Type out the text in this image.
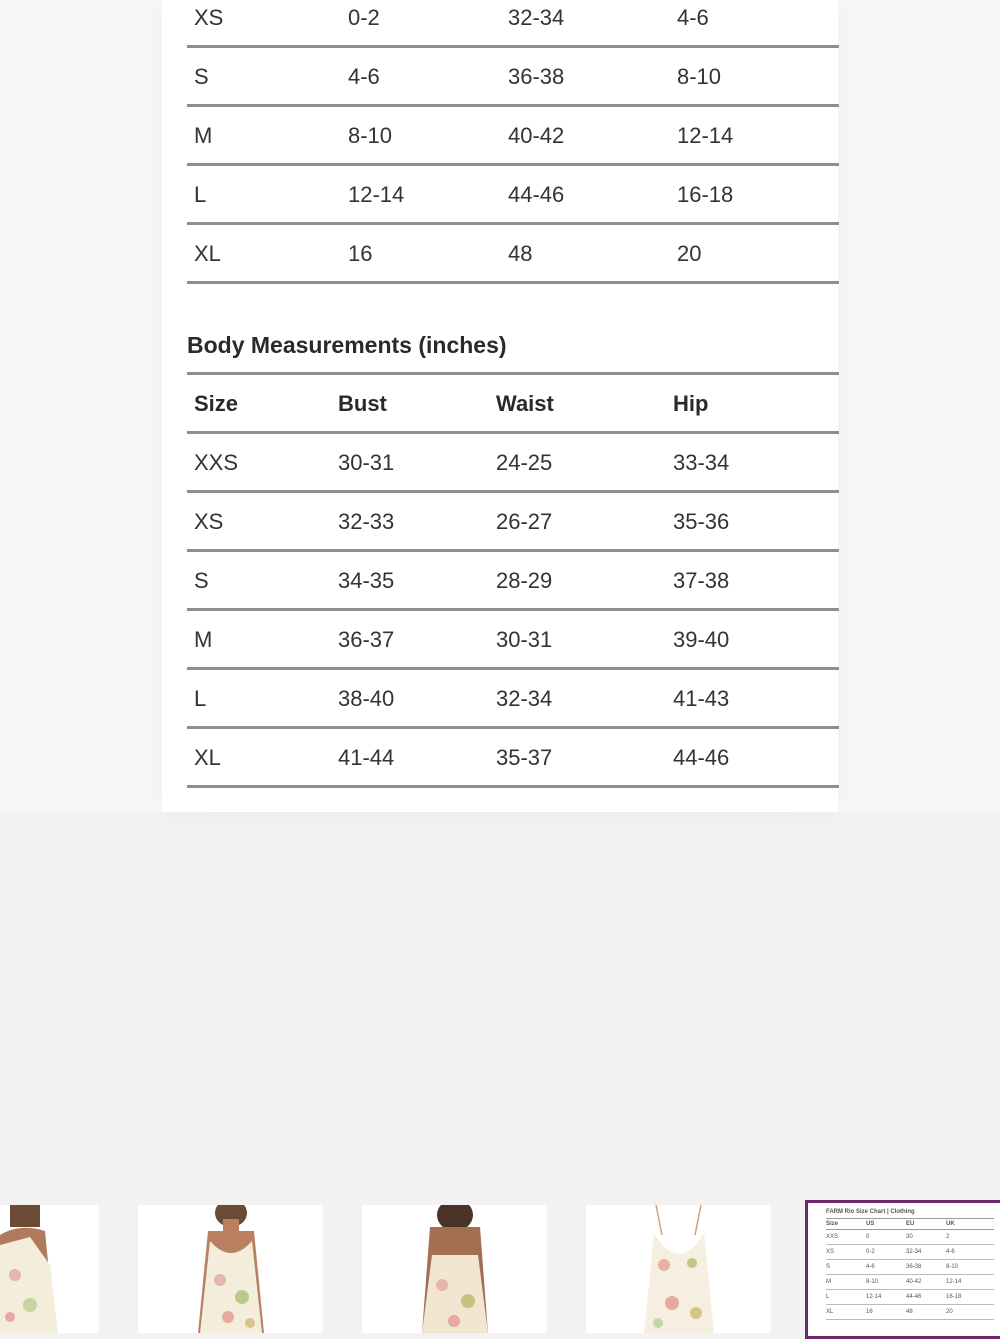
XS	0-2	32-34	4-6
S	4-6	36-38	8-10
M	8-10	40-42	12-14
L	12-14	44-46	16-18
XL	16	48	20
Body Measurements (inches)
Size	Bust	Waist	Hip
XXS	30-31	24-25	33-34
XS	32-33	26-27	35-36
S	34-35	28-29	37-38
M	36-37	30-31	39-40
L	38-40	32-34	41-43
XL	41-44	35-37	44-46
FARM Rio Size Chart | Clothing
Size	US	EU	UK
XXS	0	30	2
XS	0-2	32-34	4-6
S	4-6	36-38	8-10
M	8-10	40-42	12-14
L	12-14	44-46	16-18
XL	16	48	20
